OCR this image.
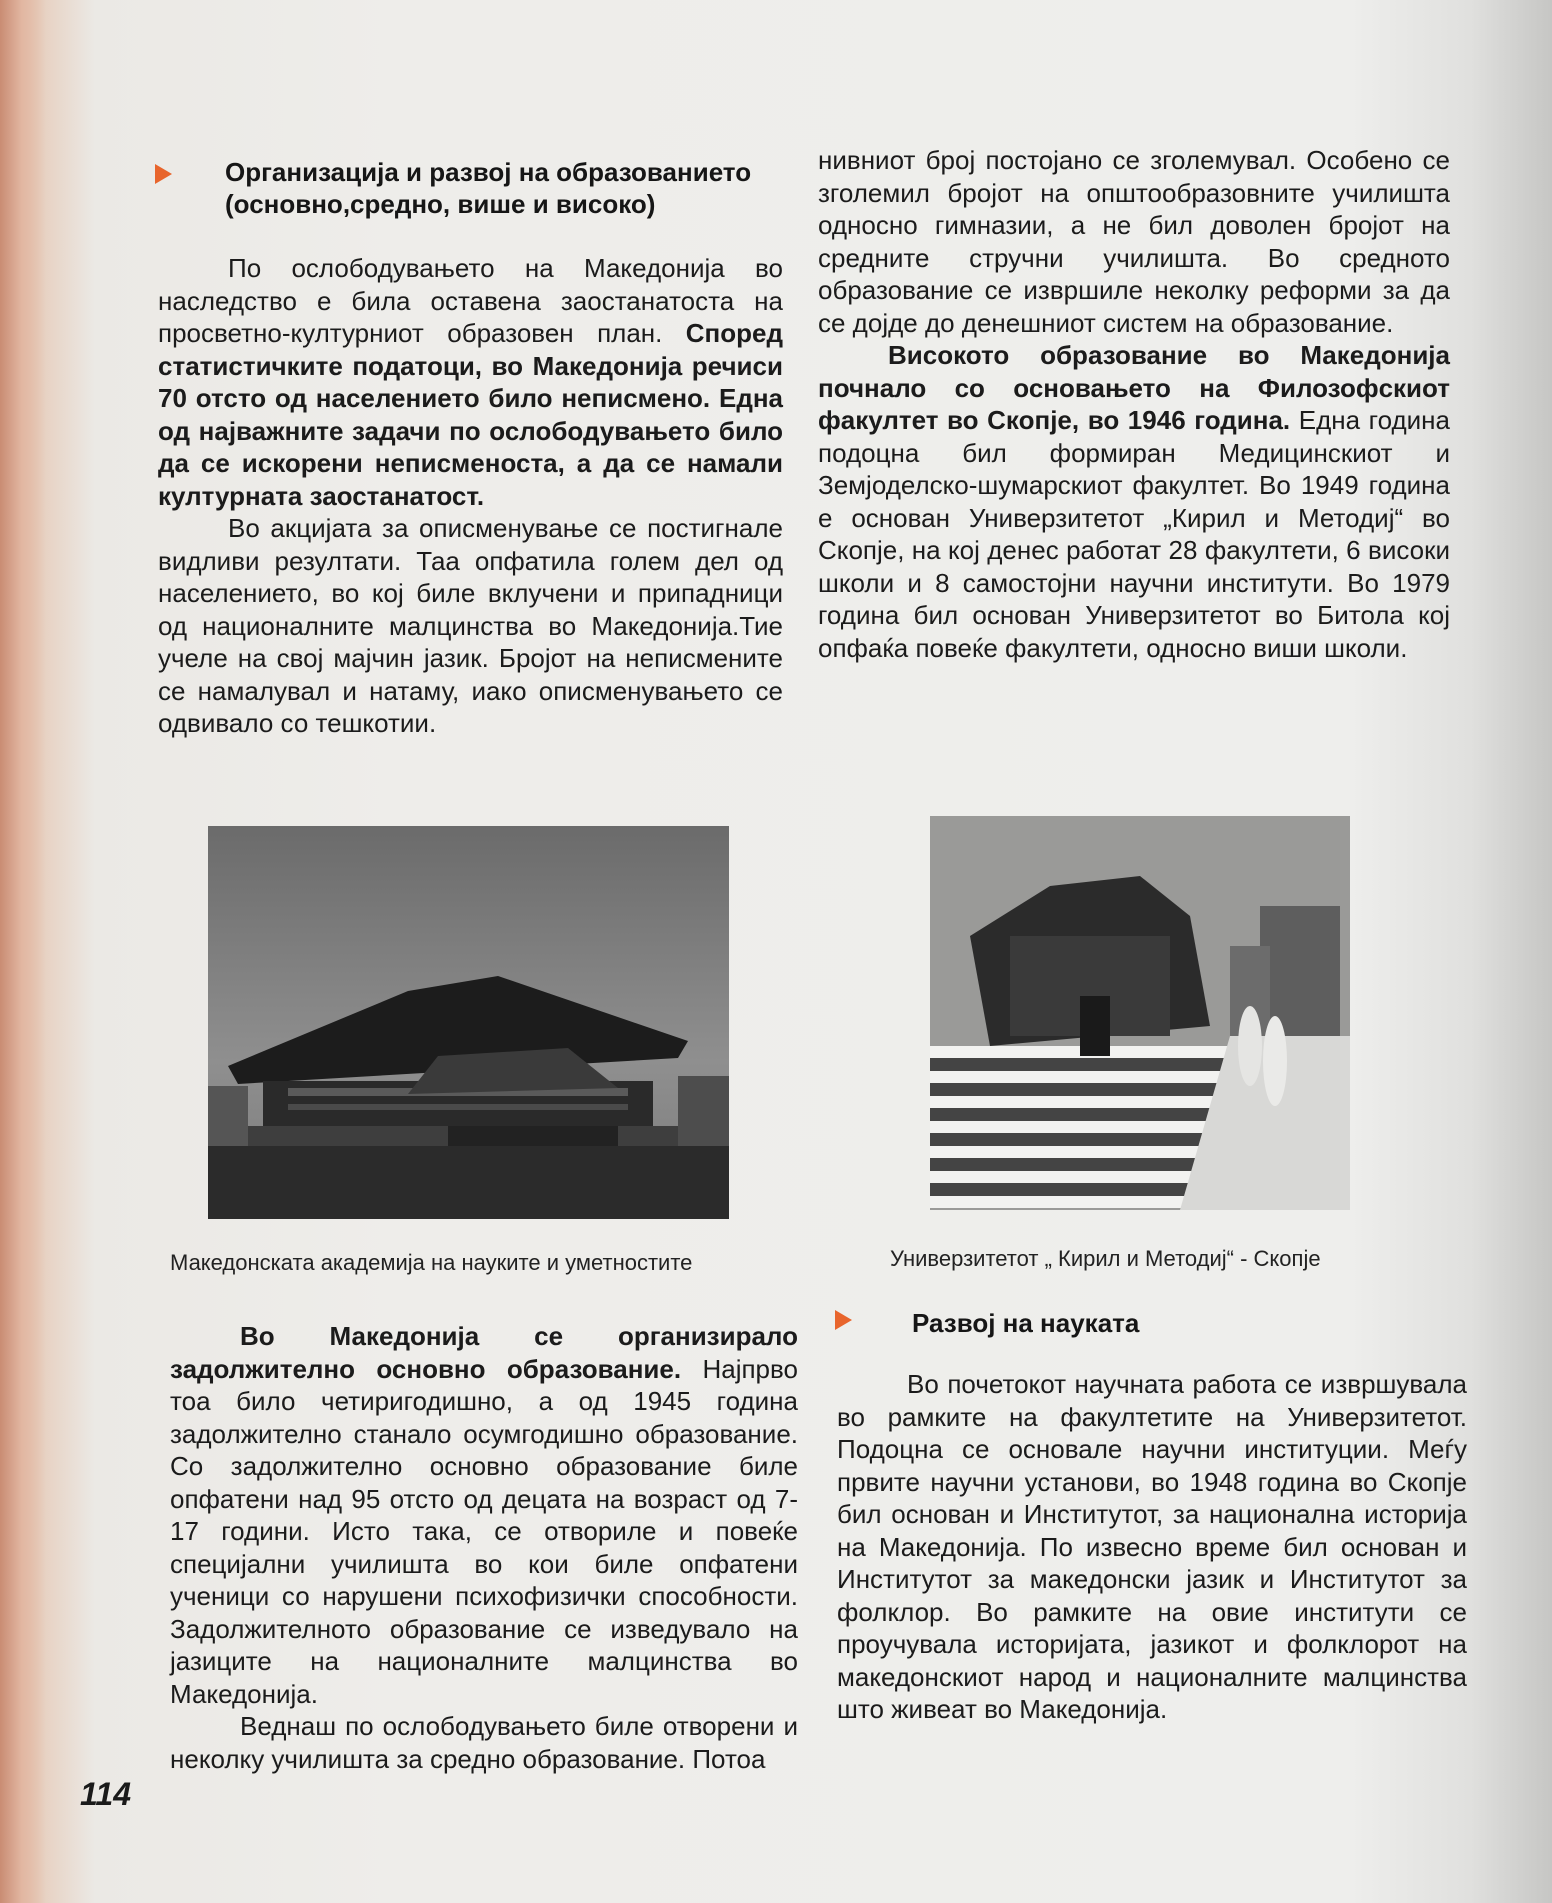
Организација и развој на образованието
(основно,средно, више и високо)

По ослободувањето на Македонија во наследство е била оставена заостанатоста на просветно-културниот образовен план. Според статистичките податоци, во Македонија речиси 70 отсто од населението било неписмено. Една од најважните задачи по ослободувањето било да се искорени неписменоста, а да се намали културната заостанатост.

Во акцијата за описменување се постигнале видливи резултати. Таа опфатила голем дел од населението, во кој биле вклучени и припадници од националните малцинства во Македонија.Тие учеле на свој мајчин јазик. Бројот на неписмените се намалувал и натаму, иако описменувањето се одвивало со тешкотии.

нивниот број постојано се зголемувал. Особено се зголемил бројот на општообразовните училишта односно гимназии, а не бил доволен бројот на средните стручни училишта. Во средното образование се извршиле неколку реформи за да се дојде до денешниот систем на образование.

Високото образование во Македонија почнало со основањето на Филозофскиот факултет во Скопје, во 1946 година. Една година подоцна бил формиран Медицинскиот и Земјоделско-шумарскиот факултет. Во 1949 година е основан Универзитетот „Кирил и Методиј“ во Скопје, на кој денес работат 28 факултети, 6 високи школи и 8 самостојни научни институти. Во 1979 година бил основан Универзитетот во Битола кој опфаќа повеќе факултети, односно виши школи.

Македонската академија на науките и уметностите	Универзитетот „ Кирил и Методиј“ - Скопје

Во Македонија се организирало задолжително основно образование. Најпрво тоа било четиригодишно, а од 1945 година задолжително станало осумгодишно образование. Со задолжително основно образование биле опфатени над 95 отсто од децата на возраст од 7-17 години. Исто така, се отвориле и повеќе специјални училишта во кои биле опфатени ученици со нарушени психофизички способности. Задолжителното образование се изведувало на јазиците на националните малцинства во Македонија.

Веднаш по ослободувањето биле отворени и неколку училишта за средно образование. Потоа

Развој на науката

Во почетокот научната работа се извршувала во рамките на факултетите на Универзитетот. Подоцна се основале научни институции. Меѓу првите научни установи, во 1948 година во Скопје бил основан и Институтот, за национална историја на Македонија. По извесно време бил основан и Институтот за македонски јазик и Институтот за фолклор. Во рамките на овие институти се проучувала историјата, јазикот и фолклорот на македонскиот народ и националните малцинства што живеат во Македонија.

114
